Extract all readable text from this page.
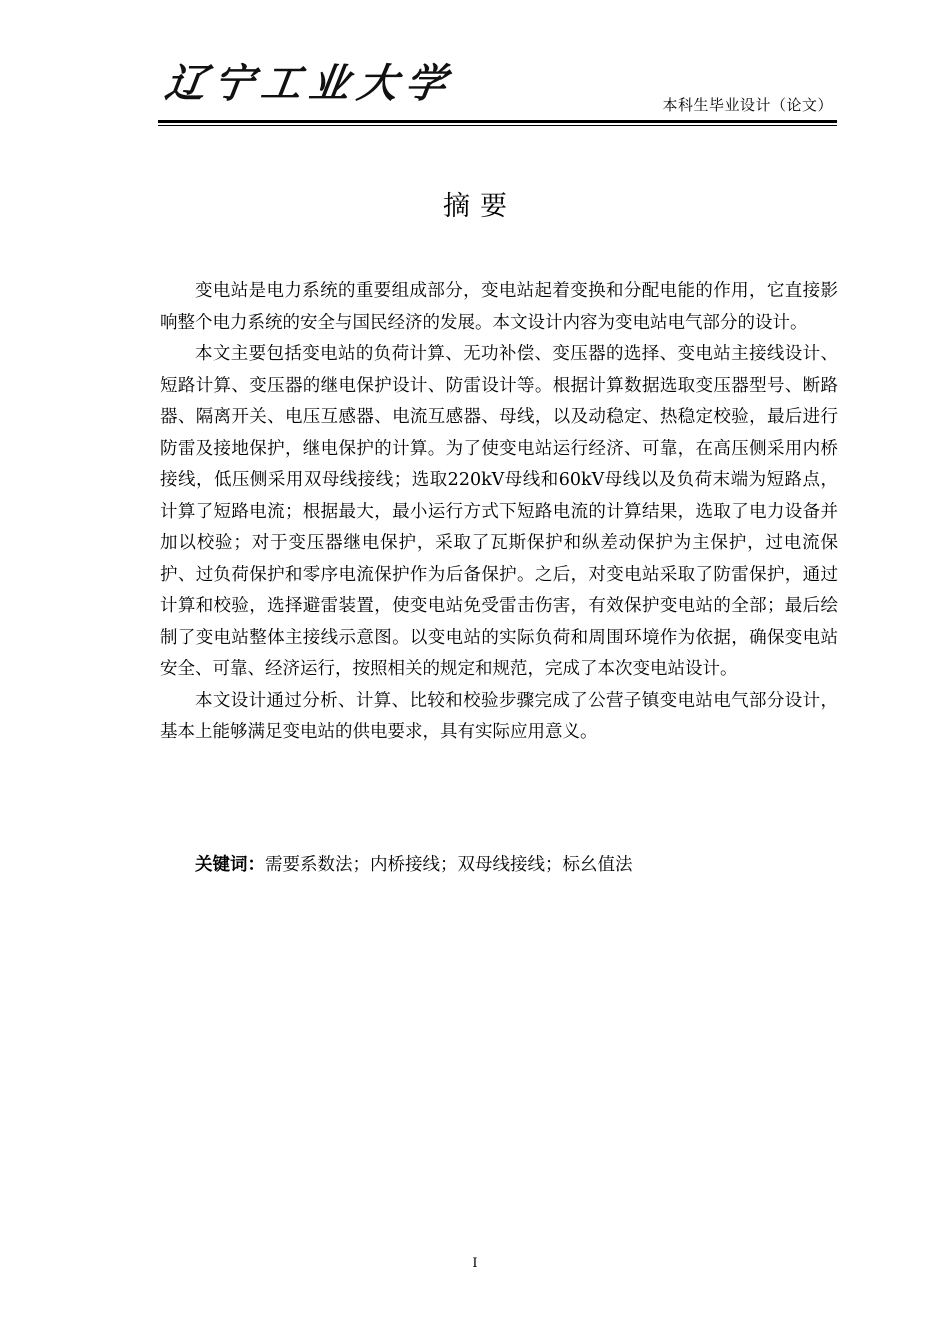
辽宁工业大学	本科生毕业设计（论文）
摘要

变电站是电力系统的重要组成部分，变电站起着变换和分配电能的作用，它直接影响整个电力系统的安全与国民经济的发展。本文设计内容为变电站电气部分的设计。

本文主要包括变电站的负荷计算、无功补偿、变压器的选择、变电站主接线设计、短路计算、变压器的继电保护设计、防雷设计等。根据计算数据选取变压器型号、断路器、隔离开关、电压互感器、电流互感器、母线，以及动稳定、热稳定校验，最后进行防雷及接地保护，继电保护的计算。为了使变电站运行经济、可靠，在高压侧采用内桥接线，低压侧采用双母线接线；选取220kV母线和60kV母线以及负荷末端为短路点，计算了短路电流；根据最大，最小运行方式下短路电流的计算结果，选取了电力设备并加以校验；对于变压器继电保护，采取了瓦斯保护和纵差动保护为主保护，过电流保护、过负荷保护和零序电流保护作为后备保护。之后，对变电站采取了防雷保护，通过计算和校验，选择避雷装置，使变电站免受雷击伤害，有效保护变电站的全部；最后绘制了变电站整体主接线示意图。以变电站的实际负荷和周围环境作为依据，确保变电站安全、可靠、经济运行，按照相关的规定和规范，完成了本次变电站设计。

本文设计通过分析、计算、比较和校验步骤完成了公营子镇变电站电气部分设计，基本上能够满足变电站的供电要求，具有实际应用意义。

关键词：需要系数法；内桥接线；双母线接线；标幺值法
I
